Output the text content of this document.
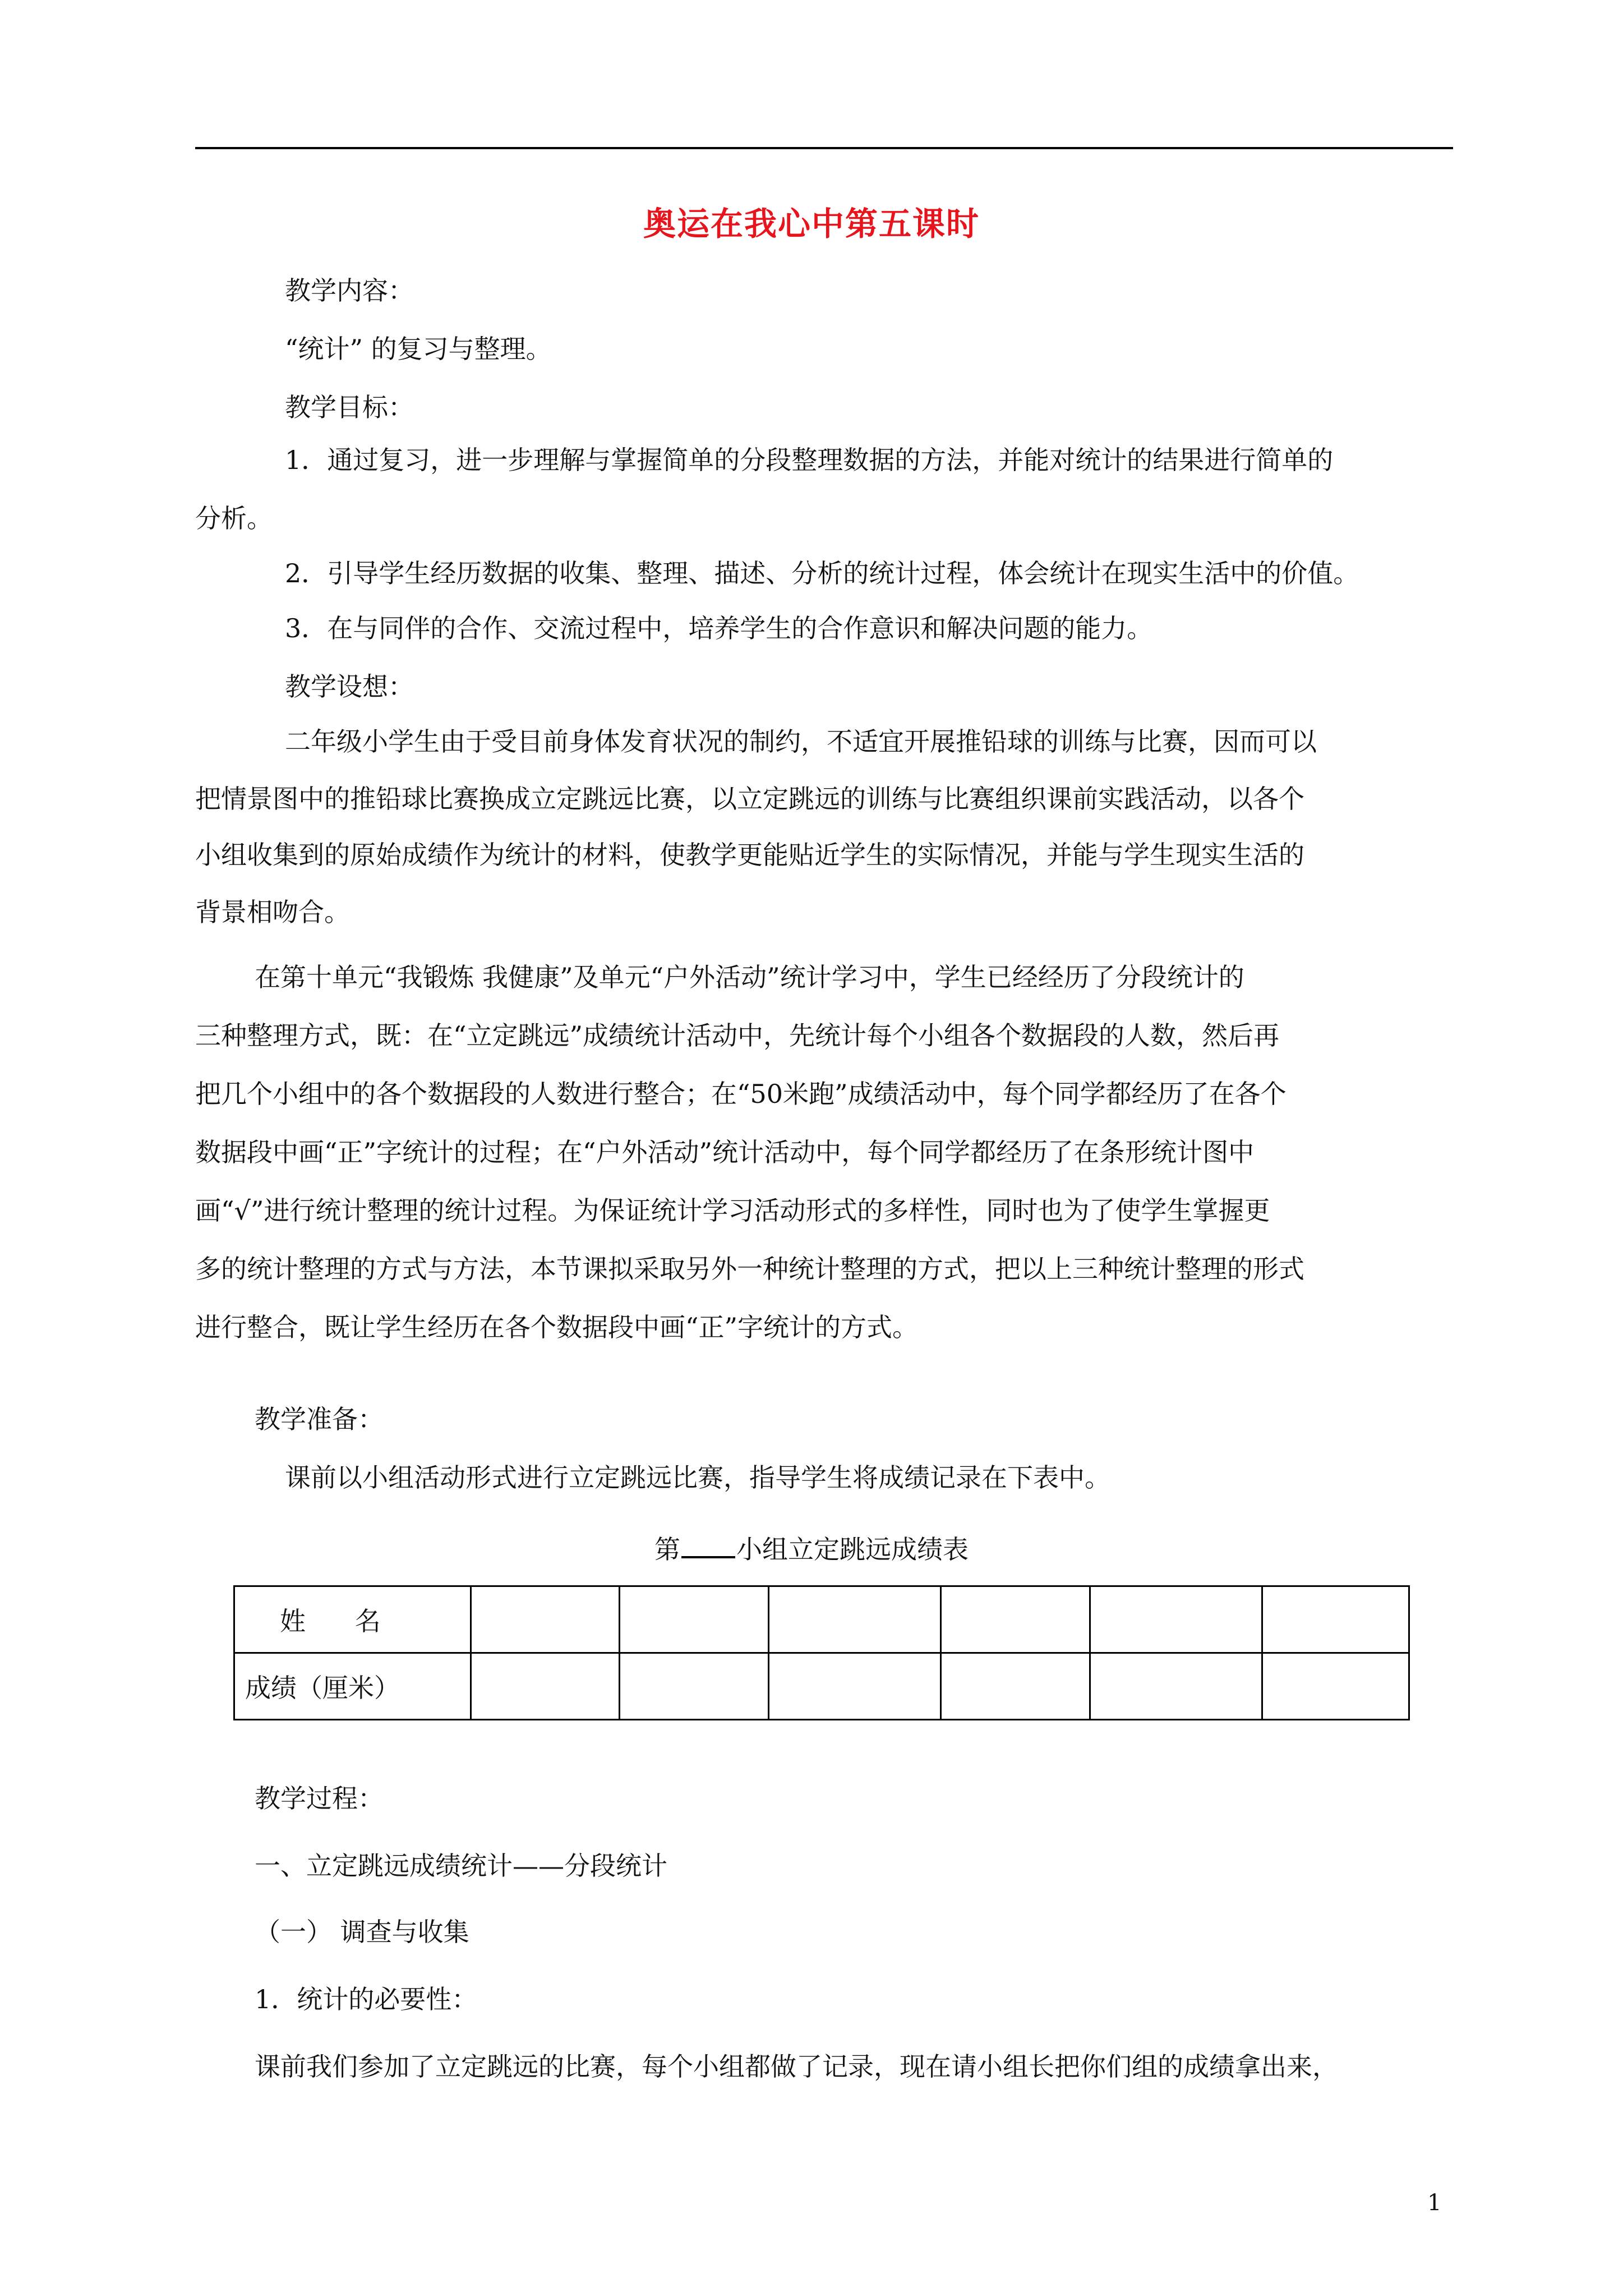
奥运在我心中第五课时
教学内容：
“统计” 的复习与整理。
教学目标：
1．通过复习，进一步理解与掌握简单的分段整理数据的方法，并能对统计的结果进行简单的
分析。
2．引导学生经历数据的收集、整理、描述、分析的统计过程，体会统计在现实生活中的价值。
3．在与同伴的合作、交流过程中，培养学生的合作意识和解决问题的能力。
教学设想：
二年级小学生由于受目前身体发育状况的制约，不适宜开展推铅球的训练与比赛，因而可以
把情景图中的推铅球比赛换成立定跳远比赛，以立定跳远的训练与比赛组织课前实践活动，以各个
小组收集到的原始成绩作为统计的材料，使教学更能贴近学生的实际情况，并能与学生现实生活的
背景相吻合。
在第十单元“我锻炼 我健康”及单元“户外活动”统计学习中，学生已经经历了分段统计的
三种整理方式，既：在“立定跳远”成绩统计活动中，先统计每个小组各个数据段的人数，然后再
把几个小组中的各个数据段的人数进行整合；在“50米跑”成绩活动中，每个同学都经历了在各个
数据段中画“正”字统计的过程；在“户外活动”统计活动中，每个同学都经历了在条形统计图中
画“√”进行统计整理的统计过程。为保证统计学习活动形式的多样性，同时也为了使学生掌握更
多的统计整理的方式与方法，本节课拟采取另外一种统计整理的方式，把以上三种统计整理的形式
进行整合，既让学生经历在各个数据段中画“正”字统计的方式。
教学准备：
课前以小组活动形式进行立定跳远比赛，指导学生将成绩记录在下表中。
第 小组立定跳远成绩表
姓      名						
成绩（厘米）						
教学过程：
一、立定跳远成绩统计——分段统计
（一） 调查与收集
1．统计的必要性：
课前我们参加了立定跳远的比赛，每个小组都做了记录，现在请小组长把你们组的成绩拿出来，
1
